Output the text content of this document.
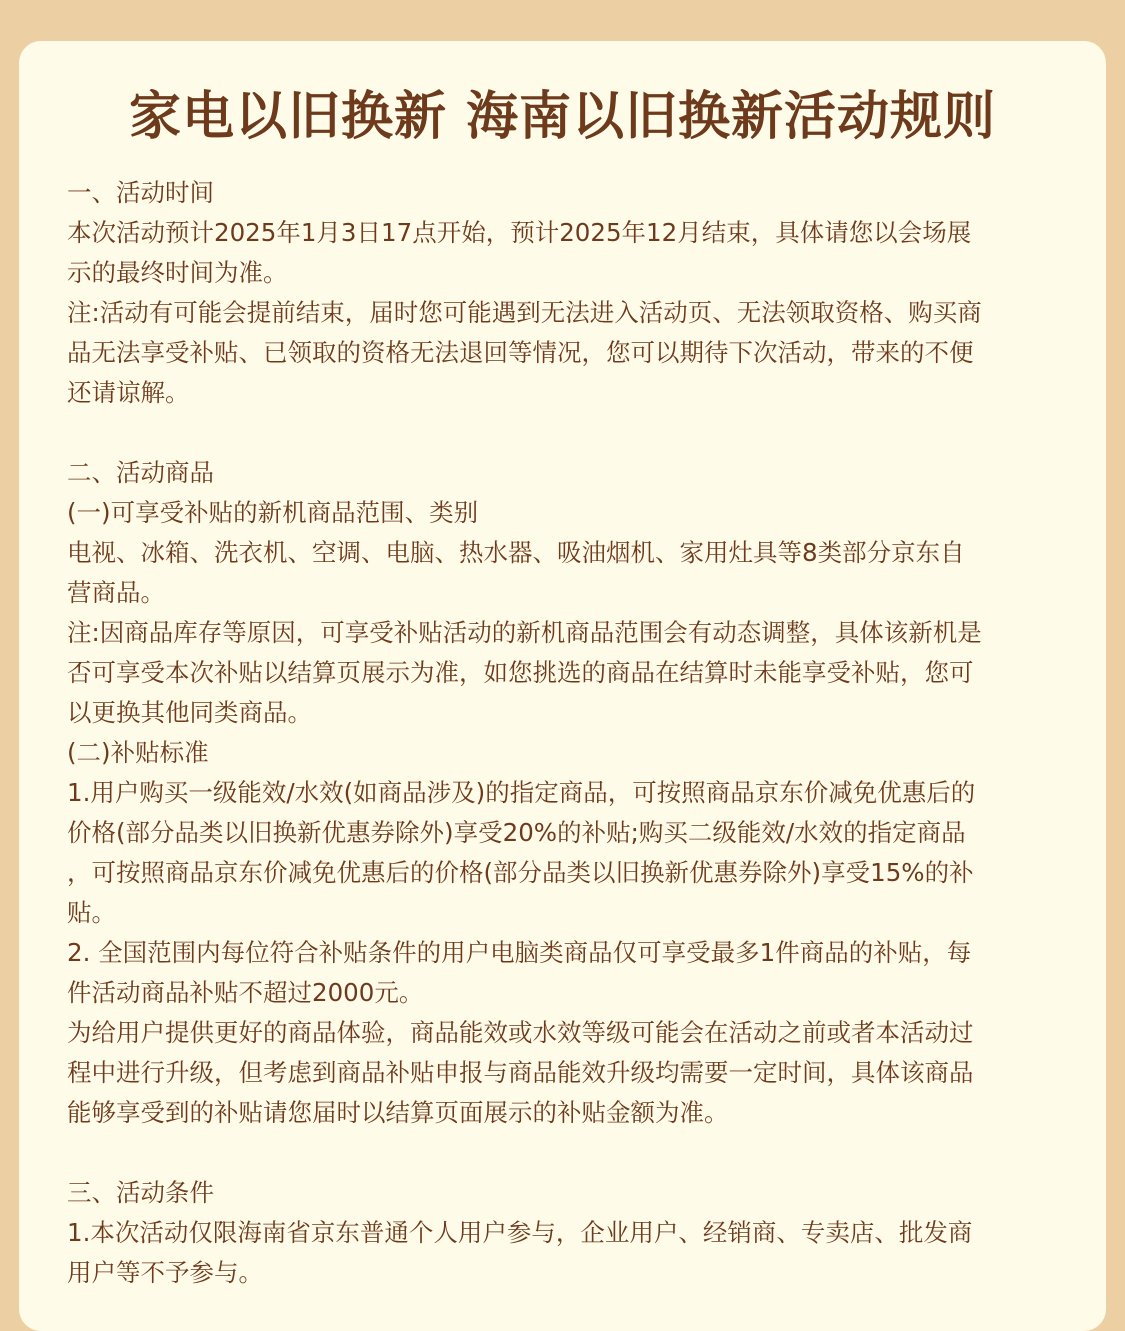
家电以旧换新 海南以旧换新活动规则

一、活动时间

本次活动预计2025年1月3日17点开始，预计2025年12月结束，具体请您以会场展

示的最终时间为准。

注:活动有可能会提前结束，届时您可能遇到无法进入活动页、无法领取资格、购买商

品无法享受补贴、已领取的资格无法退回等情况，您可以期待下次活动，带来的不便

还请谅解。

二、活动商品

(一)可享受补贴的新机商品范围、类别

电视、冰箱、洗衣机、空调、电脑、热水器、吸油烟机、家用灶具等8类部分京东自

营商品。

注:因商品库存等原因，可享受补贴活动的新机商品范围会有动态调整，具体该新机是

否可享受本次补贴以结算页展示为准，如您挑选的商品在结算时未能享受补贴，您可

以更换其他同类商品。

(二)补贴标准

1.用户购买一级能效/水效(如商品涉及)的指定商品，可按照商品京东价减免优惠后的

价格(部分品类以旧换新优惠券除外)享受20%的补贴;购买二级能效/水效的指定商品

，可按照商品京东价减免优惠后的价格(部分品类以旧换新优惠券除外)享受15%的补

贴。

2. 全国范围内每位符合补贴条件的用户电脑类商品仅可享受最多1件商品的补贴，每

件活动商品补贴不超过2000元。

为给用户提供更好的商品体验，商品能效或水效等级可能会在活动之前或者本活动过

程中进行升级，但考虑到商品补贴申报与商品能效升级均需要一定时间，具体该商品

能够享受到的补贴请您届时以结算页面展示的补贴金额为准。

三、活动条件

1.本次活动仅限海南省京东普通个人用户参与，企业用户、经销商、专卖店、批发商

用户等不予参与。
